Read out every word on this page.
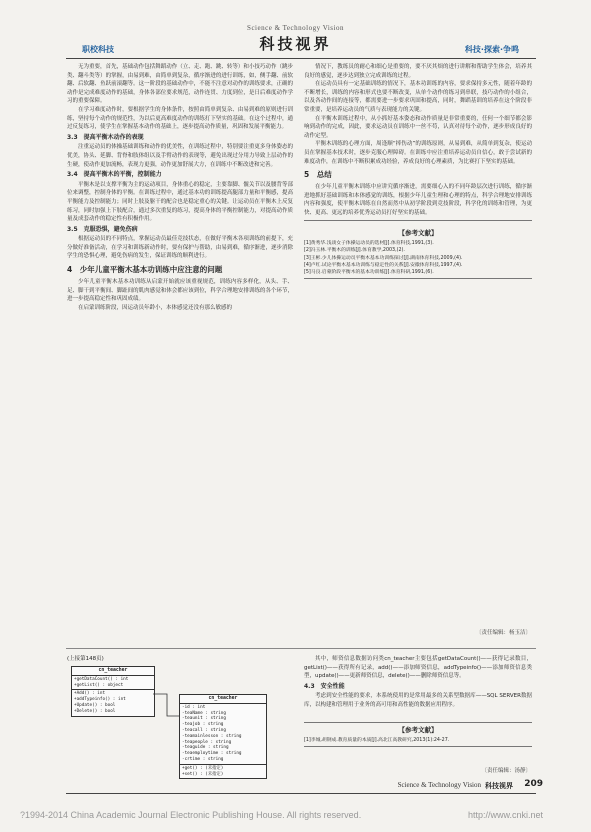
Science & Technology Vision
科技视界
职校科技	科技·探索·争鸣

无为重要，首先，基础动作包括舞蹈动作（立、走、跑、跳、转等）和小技巧动作（跳步类、翻斗类等）的掌握，由易到难，由简单到复杂，循序渐进的进行训练，如，侧手翻、前软翻、后软翻、鱼跃前滚翻等。这一阶段的基础动作中，不能不注意对动作的训练要求，正确的动作是完成难度动作的基础，身体各部位要求规范，动作连贯、力度到位，是日后难度动作学习的重要保障。

在学习难度动作时，要根据学生的身体条件，按照由简单到复杂、由易到难的原则进行训练，坚持每个动作的规范性，为以后更高难度动作的训练打下坚实的基础。在这个过程中，通过反复练习，使学生在掌握基本动作的基础上，逐步提高动作质量，巩固和发展平衡能力。

3.3　提高平衡木动作的表现

注重运动员的体操基础训练和动作的优美性，在训练过程中，特别要注重更多身体姿态的优美，协头、延脚、背脊和肢体组以及手臂动作的表现等，避免出现过分用力导致上层动作的生硬，使动作更加流畅，表现力更强，动作更加舒展大方，在训练中不断改进和完善。

3.4　提高平衡木的平衡，控制能力

平衡木是以支撑平衡为主的运动项目，身体重心的稳定，主要靠脚、髋关节以及腰背等部位来调整，控制身体的平衡。在训练过程中，通过基本功的训练提高腿部力量和平衡感，提高平衡能力及控制能力；同时上肢及躯干的配合也是稳定重心的关键。让运动员在平衡木上反复练习，同时加强上下肢配合，通过多次重复的练习，提高身体的平衡控制能力，对提高动作质量及成套动作的稳定性有积极作用。

3.5　克服恐惧，避免伤病

根据运动员的不同特点，掌握运动员最佳竞技状态，在做好平衡木各项训练的前提下，充分做好准备活动，在学习和训练新动作时，要有保护与帮助，由易到难，循序渐进，逐步消除学生的恐惧心理，避免伤病的发生，保证训练的顺利进行。

4　少年儿童平衡木基本功训练中应注意的问题

少年儿童平衡木基本功训练从启蒙开始就应该重视规范，训练内容多样化，从头、手、足、脚干到平衡间、脚趾间的肌肉感觉和体会都应该到位，科学合理地安排训练的各个环节，进一步提高稳定性和巩固成绩。

在启蒙训练阶段，因运动员年龄小，本体感觉还没有那么敏感的

情况下，教练员的耐心和细心是重要的，要不厌其烦的进行讲解和帮助学生体会，培养其良好的感觉，逐步达到独立完成训练的过程。

在运动员具有一定基础训练的情况下，基本功训练的内容，要求保持多元性，随着年龄的不断增长，训练的内容和形式也要不断改变，从单个动作的练习到串联，技巧动作的小组合，以及各动作间的连接等，都需要进一步要求巩固和提高，同时，舞蹈基训的培养在这个阶段非常重要，是培养运动员的气质与表现能力的关键。

在平衡木训练过程中，从小抓好基本姿态和动作质量是非常重要的，任何一个细节都会影响到动作的完成，因此，要求运动员在训练中一丝不苟，认真对待每个动作，逐步形成良好的动作定型。

平衡木训练的心理方面，周逢顺“摔伤动”的训练原则，从易到难，从简单到复杂，使运动员在掌握基本技术时，逐步克服心理障碍。在训练中应注重培养运动员自信心，敢于尝试新的难度动作，在训练中不断积累成功经验，养成良好的心理素质，为比赛打下坚实的基础。

5　总结

在少年儿童平衡木训练中应讲究循序渐进，需要细心入的不同年龄层次进行训练，循序渐进地抓好基础训练和本体感觉的训练，根据少年儿童生理和心理的特点，科学合理地安排训练内容和强度，使平衡木训练在自然而然中从初学阶段到竞技阶段，科学化的训练和管理，为更快、更高、更远的培养优秀运动员打好坚实的基础。

【参考文献】

[1]黄秀华.浅谈女子体操运动员的选材[J].体育科技,1991,(3).

[2]冯玉林.平衡木的训练[J].体育教学,2003,(2).

[3]王彬.少儿体操运动员平衡木基本功训练探讨[J].湖南体育科技,2009,(4).

[4]卢红.试论平衡木基本功训练与稳定性的关系[J].安徽体育科技,1997,(4).

[5]马良.启蒙阶段平衡木的基本功训练[J].体育科研,1991,(6).

〔责任编辑：杨玉洁〕
(上接第148页)
cn_teacher
+getDataCount() : int
+getList() : object
+Add() : int
+addTypeinfo() : int
+Update() : bool
+Delete() : bool
cn_teacher
-id : int
-teaName : string
-teaunit : string
-teajob : string
-teacall : string
-teamainlesson : string
-teapeople : string
-teaguide : string
-teaemploytime : string
-crtime : string
+get() : (未指定)
+set() : (未指定)

其中，师资信息数据访问类cn_teacher主要包括getDataCount()——获得记录数目，getList()——获得所有记录，add()——添加师资信息，addTypeinfo()——添加师资信息类型，update()——更新师资信息，delete()——删除师资信息等。

4.3　安全性能

考虑到安全性能的要求，本系统使用的是常用最多的关系型数据库——SQL SERVER数据库，以构建和管理用于业务的高可用和高性能的数据应用程序。

【参考文献】

[1]李城,胡钢成.教育质量的本质[J].高北江高教研究,2013(1):24-27.

〔责任编辑：汤静〕
Science & Technology Vision 科技视界 209
?1994-2014 China Academic Journal Electronic Publishing House. All rights reserved.	http://www.cnki.net
